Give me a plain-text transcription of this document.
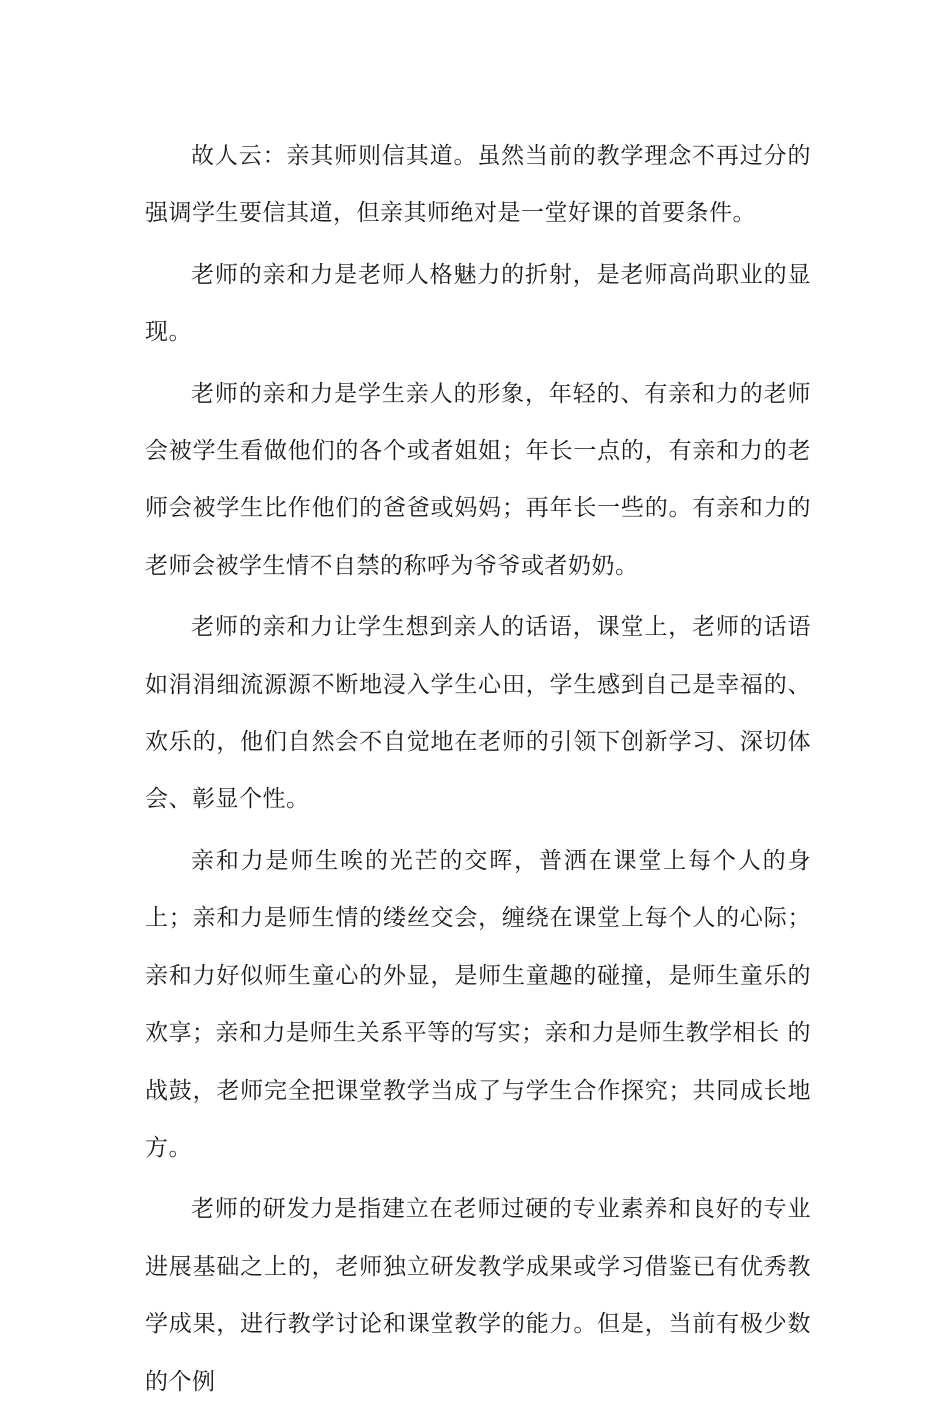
故人云：亲其师则信其道。虽然当前的教学理念不再过分的强调学生要信其道，但亲其师绝对是一堂好课的首要条件。

老师的亲和力是老师人格魅力的折射，是老师高尚职业的显现。

老师的亲和力是学生亲人的形象，年轻的、有亲和力的老师会被学生看做他们的各个或者姐姐；年长一点的，有亲和力的老师会被学生比作他们的爸爸或妈妈；再年长一些的。有亲和力的老师会被学生情不自禁的称呼为爷爷或者奶奶。

老师的亲和力让学生想到亲人的话语，课堂上，老师的话语如涓涓细流源源不断地浸入学生心田，学生感到自己是幸福的、欢乐的，他们自然会不自觉地在老师的引领下创新学习、深切体会、彰显个性。

亲和力是师生唉的光芒的交晖，普洒在课堂上每个人的身上；亲和力是师生情的缕丝交会，缠绕在课堂上每个人的心际；亲和力好似师生童心的外显，是师生童趣的碰撞，是师生童乐的欢享；亲和力是师生关系平等的写实；亲和力是师生教学相长 的战鼓，老师完全把课堂教学当成了与学生合作探究；共同成长地方。

老师的研发力是指建立在老师过硬的专业素养和良好的专业进展基础之上的，老师独立研发教学成果或学习借鉴已有优秀教学成果，进行教学讨论和课堂教学的能力。但是，当前有极少数的个例
